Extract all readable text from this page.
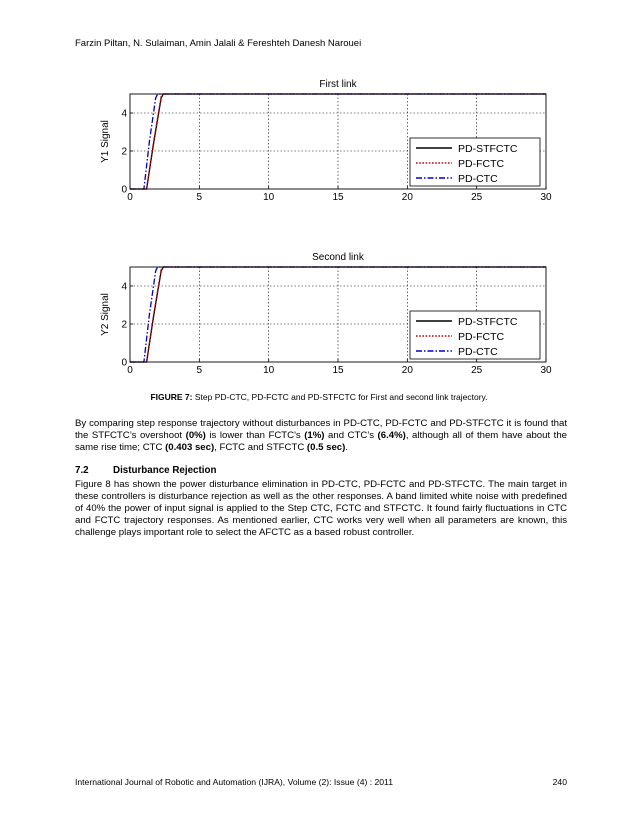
Farzin Piltan, N. Sulaiman, Amin Jalali & Fereshteh Danesh Narouei
First link
Y1 Signal
0	5	10	15	20	25	30
0
2
4
PD-STFCTC
PD-FCTC
PD-CTC
Second link
Y2 Signal
0	5	10	15	20	25	30
0
2
4
PD-STFCTC
PD-FCTC
PD-CTC
FIGURE 7: Step PD-CTC, PD-FCTC and PD-STFCTC for First and second link trajectory.

By comparing step response trajectory without disturbances in PD-CTC, PD-FCTC and PD-STFCTC it is found that the STFCTC’s overshoot (0%) is lower than FCTC's (1%) and CTC’s (6.4%), although all of them have about the same rise time; CTC (0.403 sec), FCTC and STFCTC (0.5 sec).

7.2 Disturbance Rejection

Figure 8 has shown the power disturbance elimination in PD-CTC, PD-FCTC and PD-STFCTC. The main target in these controllers is disturbance rejection as well as the other responses. A band limited white noise with predefined of 40% the power of input signal is applied to the Step CTC, FCTC and STFCTC. It found fairly fluctuations in CTC and FCTC trajectory responses. As mentioned earlier, CTC works very well when all parameters are known, this challenge plays important role to select the AFCTC as a based robust controller.

International Journal of Robotic and Automation (IJRA), Volume (2): Issue (4) : 2011	240
